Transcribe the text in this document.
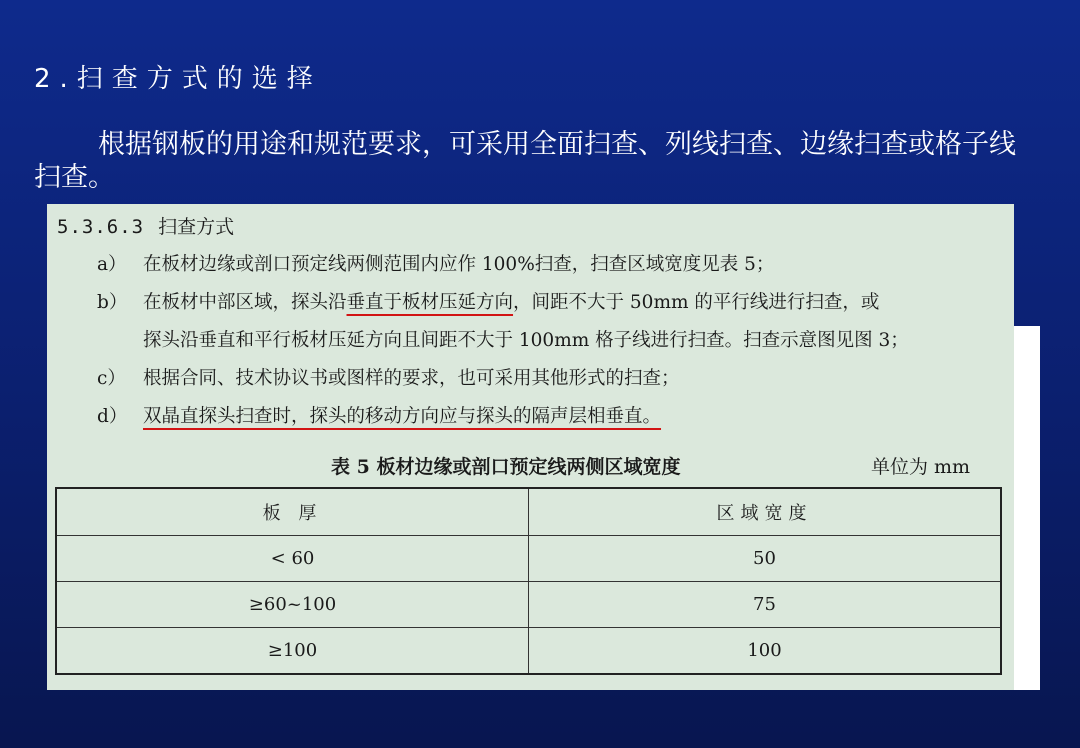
2.扫查方式的选择
根据钢板的用途和规范要求，可采用全面扫查、列线扫查、边缘扫查或格子线扫查。
5.3.6.3 扫查方式
a） 在板材边缘或剖口预定线两侧范围内应作 100%扫查，扫查区域宽度见表 5；
b） 在板材中部区域，探头沿垂直于板材压延方向，间距不大于 50mm 的平行线进行扫查，或
探头沿垂直和平行板材压延方向且间距不大于 100mm 格子线进行扫查。扫查示意图见图 3；
c） 根据合同、技术协议书或图样的要求，也可采用其他形式的扫查；
d） 双晶直探头扫查时，探头的移动方向应与探头的隔声层相垂直。
表 5 板材边缘或剖口预定线两侧区域宽度	单位为 mm
板 厚	区域宽度
< 60	50
≥60~100	75
≥100	100
